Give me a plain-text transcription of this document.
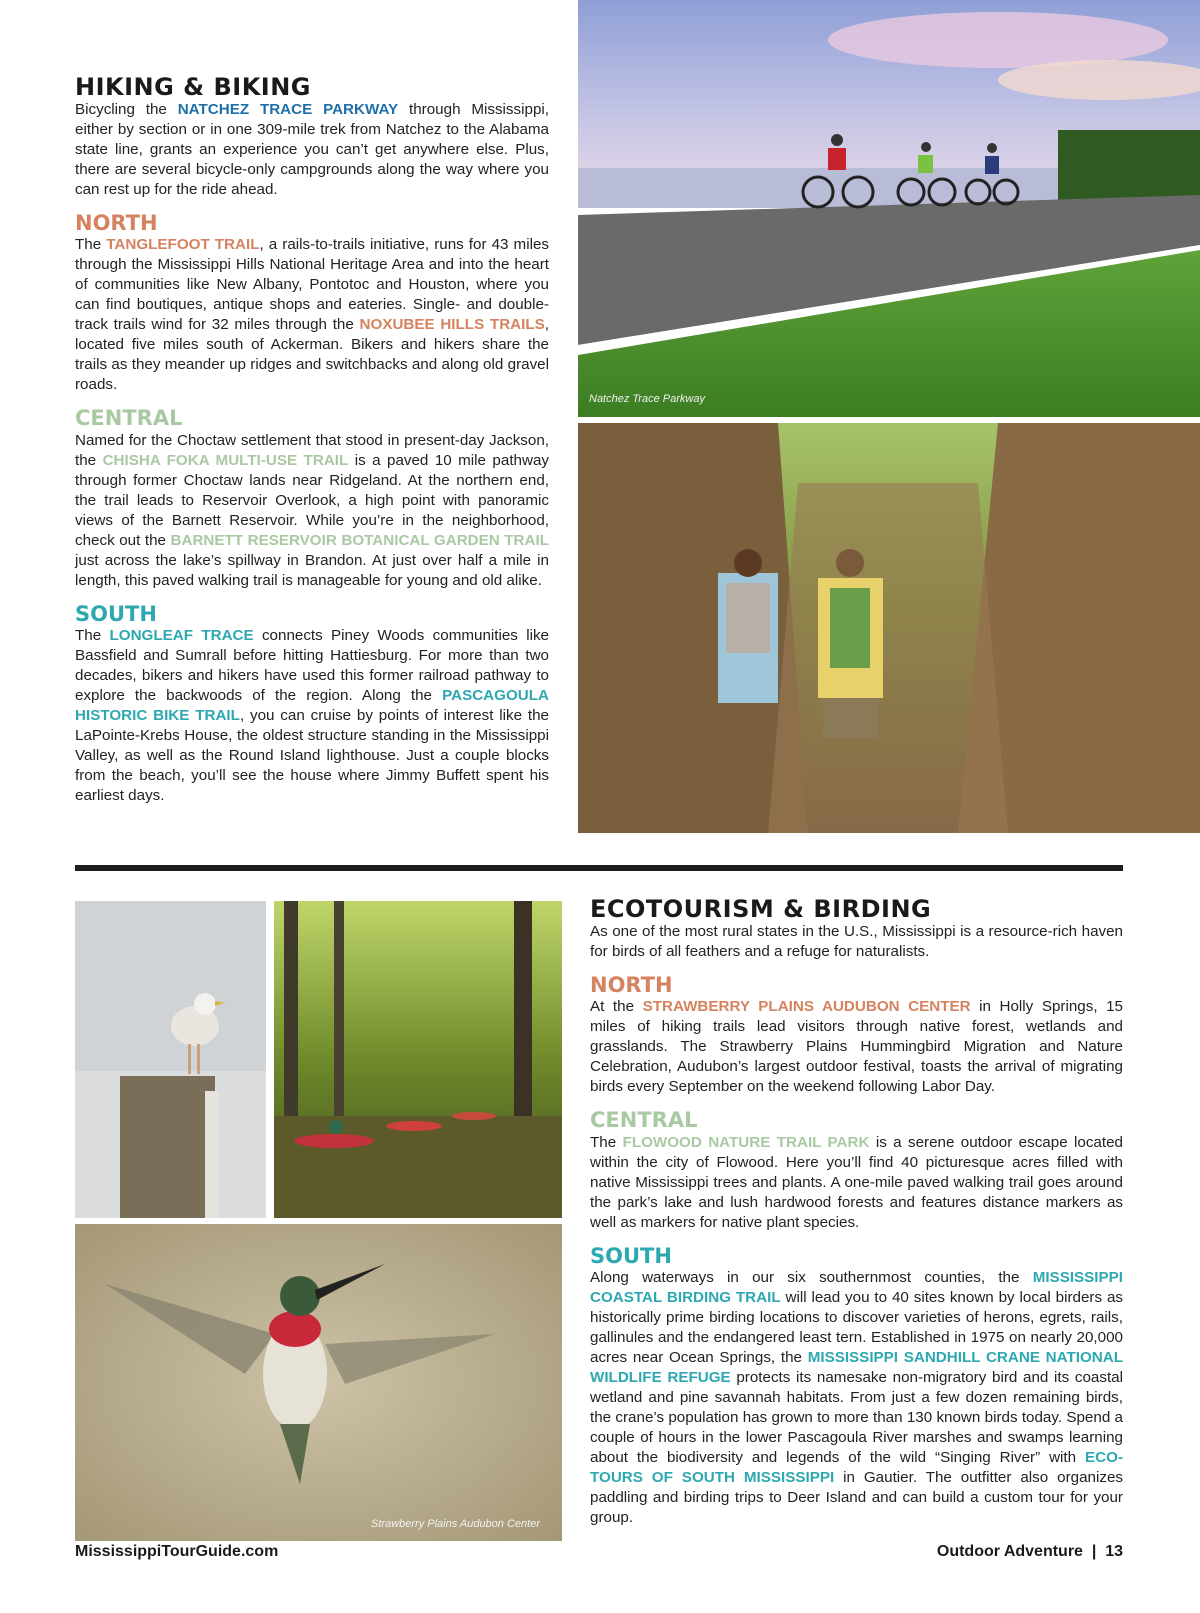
HIKING & BIKING

Bicycling the NATCHEZ TRACE PARKWAY through Mississippi, either by section or in one 309-mile trek from Natchez to the Alabama state line, grants an experience you can’t get anywhere else. Plus, there are several bicycle-only campgrounds along the way where you can rest up for the ride ahead.

NORTH

The TANGLEFOOT TRAIL, a rails-to-trails initiative, runs for 43 miles through the Mississippi Hills National Heritage Area and into the heart of communities like New Albany, Pontotoc and Houston, where you can find boutiques, antique shops and eateries. Single- and double-track trails wind for 32 miles through the NOXUBEE HILLS TRAILS, located five miles south of Ackerman. Bikers and hikers share the trails as they meander up ridges and switchbacks and along old gravel roads.

CENTRAL

Named for the Choctaw settlement that stood in present-day Jackson, the CHISHA FOKA MULTI-USE TRAIL is a paved 10 mile pathway through former Choctaw lands near Ridgeland. At the northern end, the trail leads to Reservoir Overlook, a high point with panoramic views of the Barnett Reservoir. While you’re in the neighborhood, check out the BARNETT RESERVOIR BOTANICAL GARDEN TRAIL just across the lake’s spillway in Brandon. At just over half a mile in length, this paved walking trail is manageable for young and old alike.

SOUTH

The LONGLEAF TRACE connects Piney Woods communities like Bassfield and Sumrall before hitting Hattiesburg. For more than two decades, bikers and hikers have used this former railroad pathway to explore the backwoods of the region. Along the PASCAGOULA HISTORIC BIKE TRAIL, you can cruise by points of interest like the LaPointe-Krebs House, the oldest structure standing in the Mississippi Valley, as well as the Round Island lighthouse. Just a couple blocks from the beach, you’ll see the house where Jimmy Buffett spent his earliest days.

Natchez Trace Parkway
Strawberry Plains Audubon Center
ECOTOURISM & BIRDING

As one of the most rural states in the U.S., Mississippi is a resource-rich haven for birds of all feathers and a refuge for naturalists.

NORTH

At the STRAWBERRY PLAINS AUDUBON CENTER in Holly Springs, 15 miles of hiking trails lead visitors through native forest, wetlands and grasslands. The Strawberry Plains Hummingbird Migration and Nature Celebration, Audubon’s largest outdoor festival, toasts the arrival of migrating birds every September on the weekend following Labor Day.

CENTRAL

The FLOWOOD NATURE TRAIL PARK is a serene outdoor escape located within the city of Flowood. Here you’ll find 40 picturesque acres filled with native Mississippi trees and plants. A one-mile paved walking trail goes around the park’s lake and lush hardwood forests and features distance markers as well as markers for native plant species.

SOUTH

Along waterways in our six southernmost counties, the MISSISSIPPI COASTAL BIRDING TRAIL will lead you to 40 sites known by local birders as historically prime birding locations to discover varieties of herons, egrets, rails, gallinules and the endangered least tern. Established in 1975 on nearly 20,000 acres near Ocean Springs, the MISSISSIPPI SANDHILL CRANE NATIONAL WILDLIFE REFUGE protects its namesake non-migratory bird and its coastal wetland and pine savannah habitats. From just a few dozen remaining birds, the crane’s population has grown to more than 130 known birds today. Spend a couple of hours in the lower Pascagoula River marshes and swamps learning about the biodiversity and legends of the wild “Singing River” with ECO-TOURS OF SOUTH MISSISSIPPI in Gautier. The outfitter also organizes paddling and birding trips to Deer Island and can build a custom tour for your group.

MississippiTourGuide.com	Outdoor Adventure  |  13
